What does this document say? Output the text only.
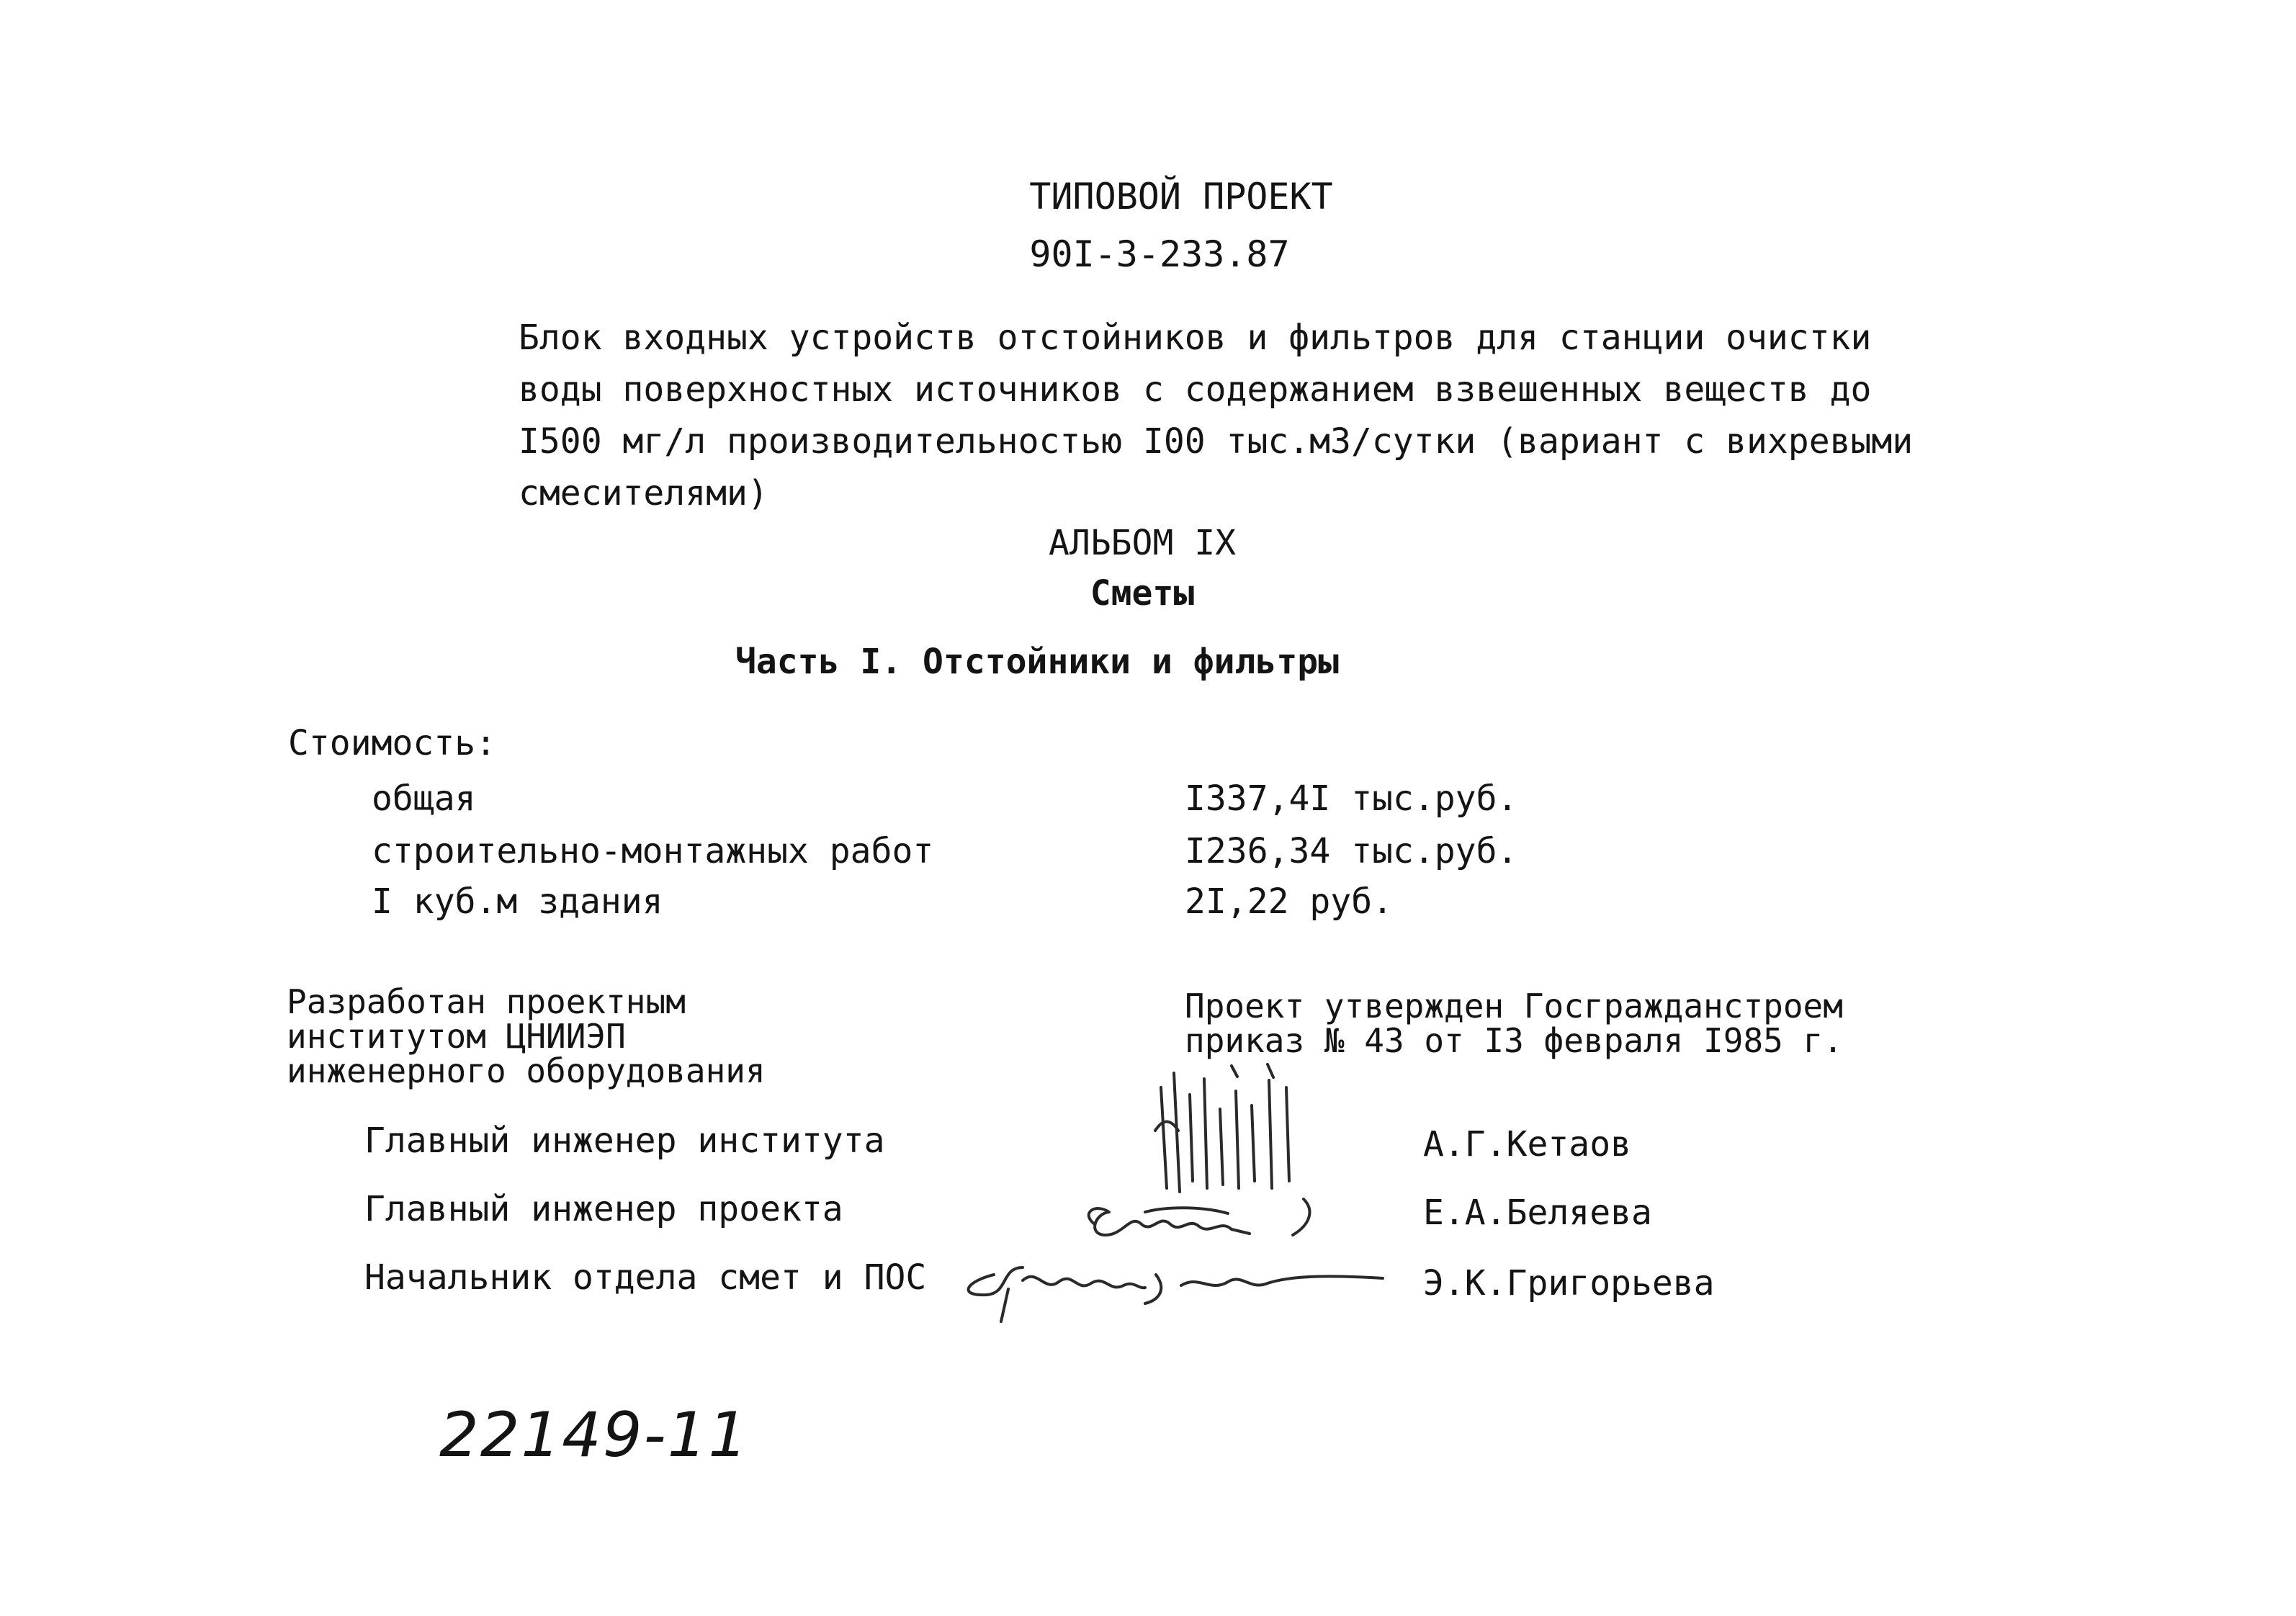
ТИПОВОЙ ПРОЕКТ
90I-3-233.87
Блок входных устройств отстойников и фильтров для станции очистки
воды поверхностных источников с содержанием взвешенных веществ до
I500 мг/л производительностью I00 тыс.м3/сутки (вариант с вихревыми
смесителями)
АЛЬБОМ IX
Сметы
Часть I. Отстойники и фильтры
Стоимость:
общая	I337,4I тыс.руб.
строительно-монтажных работ	I236,34 тыс.руб.
I куб.м здания	2I,22 руб.
Разработан проектным
институтом ЦНИИЭП
инженерного оборудования
Проект утвержден Госгражданстроем
приказ № 43 от I3 февраля I985 г.
Главный инженер института	А.Г.Кетаов
Главный инженер проекта	Е.А.Беляева
Начальник отдела смет и ПОС	Э.К.Григорьева
22149-11
